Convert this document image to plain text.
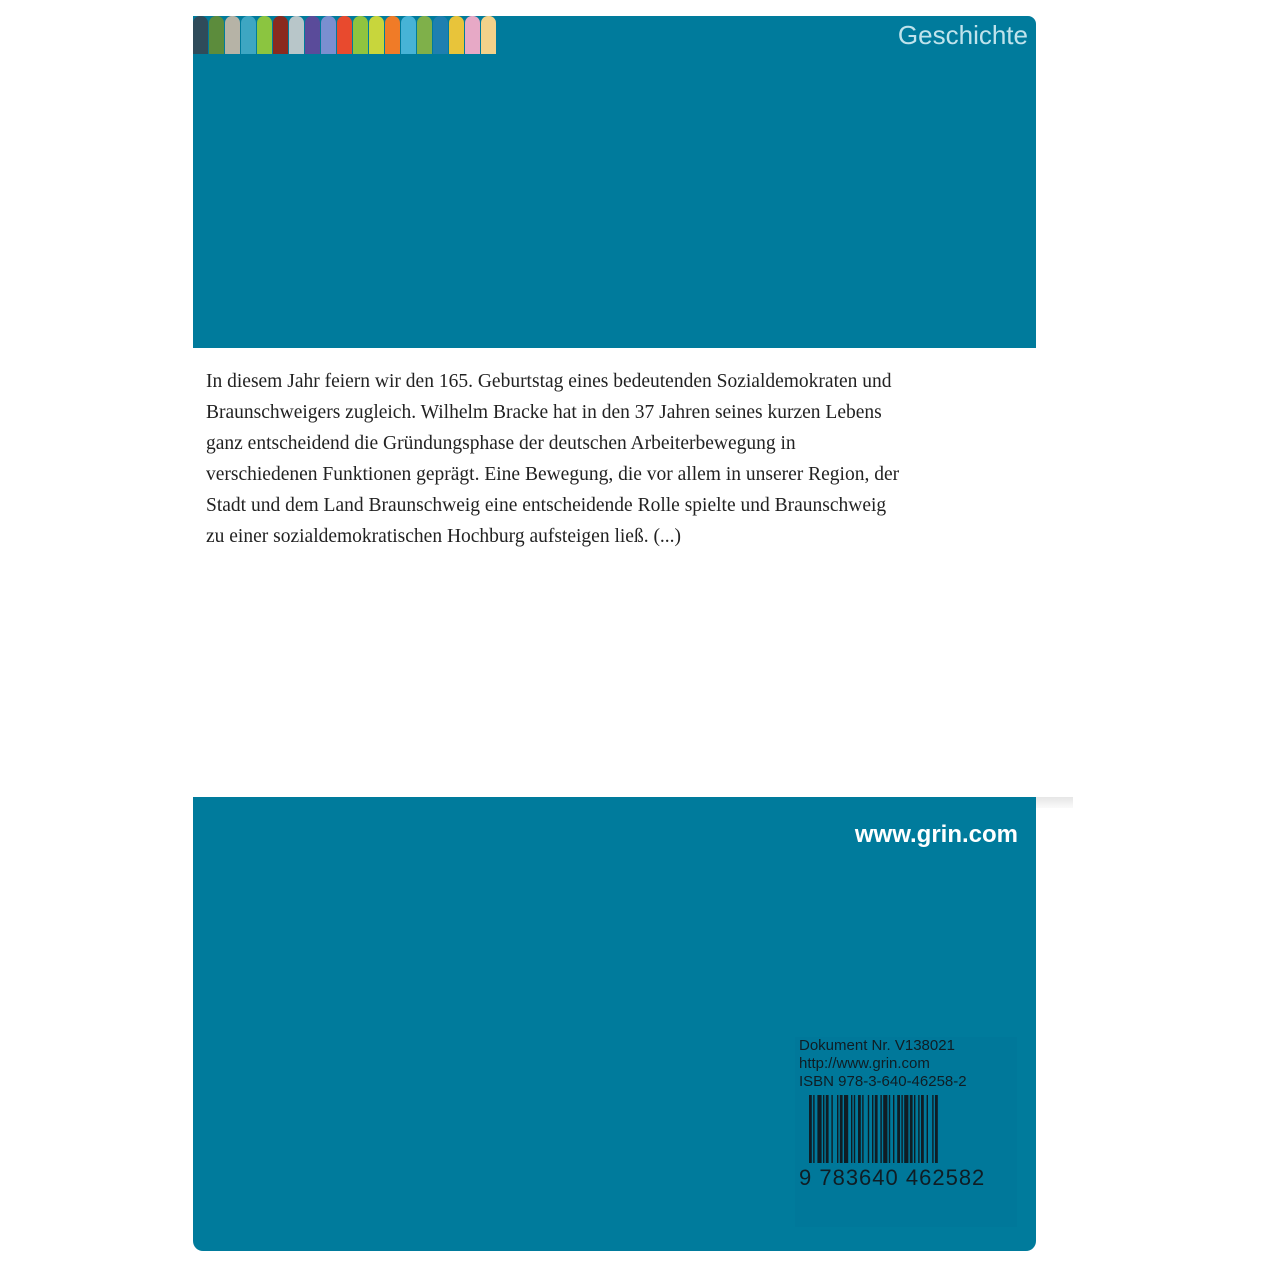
Geschichte

In diesem Jahr feiern wir den 165. Geburtstag eines bedeutenden Sozialdemokraten und Braunschweigers zugleich. Wilhelm Bracke hat in den 37 Jahren seines kurzen Lebens ganz entscheidend die Gründungsphase der deutschen Arbeiterbewegung in verschiedenen Funktionen geprägt. Eine Bewegung, die vor allem in unserer Region, der Stadt und dem Land Braunschweig eine entscheidende Rolle spielte und Braunschweig zu einer sozialdemokratischen Hochburg aufsteigen ließ. (...)

www.grin.com
Dokument Nr. V138021
http://www.grin.com
ISBN 978-3-640-46258-2
9 783640 462582
